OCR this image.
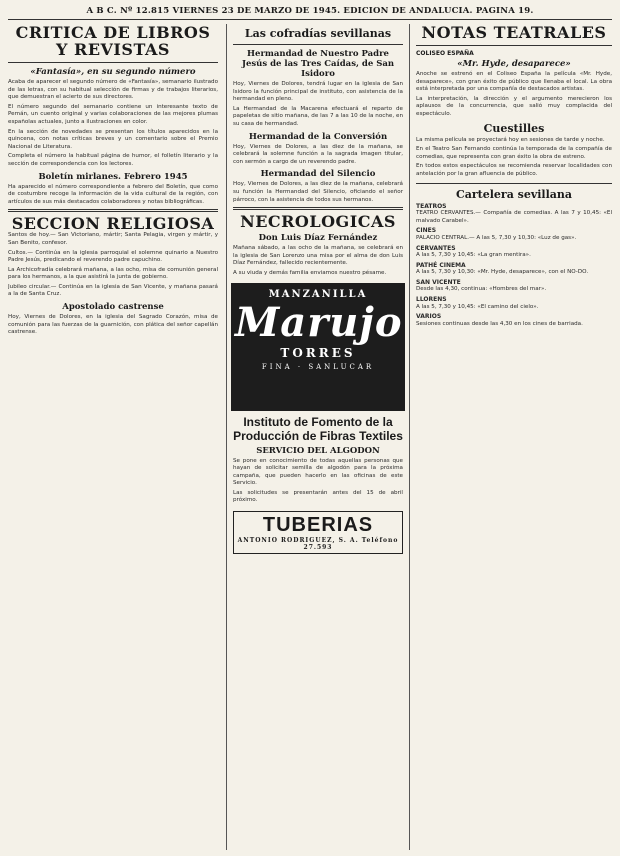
A B C. Nº 12.815 VIERNES 23 DE MARZO DE 1945. EDICION DE ANDALUCIA. PAGINA 19.
CRITICA DE LIBROS Y REVISTAS
«Fantasía», en su segundo número

Acaba de aparecer el segundo número de «Fantasía», semanario ilustrado de las letras, con su habitual selección de firmas y de trabajos literarios, que demuestran el acierto de sus directores.

El número segundo del semanario contiene un interesante texto de Pemán, un cuento original y varias colaboraciones de las mejores plumas españolas actuales, junto a ilustraciones en color.

En la sección de novedades se presentan los títulos aparecidos en la quincena, con notas críticas breves y un comentario sobre el Premio Nacional de Literatura.

Completa el número la habitual página de humor, el folletín literario y la sección de correspondencia con los lectores.

Boletín mirlanes. Febrero 1945

Ha aparecido el número correspondiente a febrero del Boletín, que como de costumbre recoge la información de la vida cultural de la región, con artículos de sus más destacados colaboradores y notas bibliográficas.

SECCION RELIGIOSA

Santos de hoy.— San Victoriano, mártir; Santa Pelagia, virgen y mártir, y San Benito, confesor.

Cultos.— Continúa en la iglesia parroquial el solemne quinario a Nuestro Padre Jesús, predicando el reverendo padre capuchino.

La Archicofradía celebrará mañana, a las ocho, misa de comunión general para los hermanos, a la que asistirá la junta de gobierno.

Jubileo circular.— Continúa en la iglesia de San Vicente, y mañana pasará a la de Santa Cruz.

Apostolado castrense

Hoy, Viernes de Dolores, en la iglesia del Sagrado Corazón, misa de comunión para las fuerzas de la guarnición, con plática del señor capellán castrense.

Las cofradías sevillanas
Hermandad de Nuestro Padre Jesús de las Tres Caídas, de San Isidoro

Hoy, Viernes de Dolores, tendrá lugar en la iglesia de San Isidoro la función principal de instituto, con asistencia de la hermandad en pleno.

La Hermandad de la Macarena efectuará el reparto de papeletas de sitio mañana, de las 7 a las 10 de la noche, en su casa de hermandad.

Hermandad de la Conversión

Hoy, Viernes de Dolores, a las diez de la mañana, se celebrará la solemne función a la sagrada imagen titular, con sermón a cargo de un reverendo padre.

Hermandad del Silencio

Hoy, Viernes de Dolores, a las diez de la mañana, celebrará su función la Hermandad del Silencio, oficiando el señor párroco, con la asistencia de todos sus hermanos.

NECROLOGICAS
Don Luis Díaz Fernández

Mañana sábado, a las ocho de la mañana, se celebrará en la iglesia de San Lorenzo una misa por el alma de don Luis Díaz Fernández, fallecido recientemente.

A su viuda y demás familia enviamos nuestro pésame.

MANZANILLA
Marujo
TORRES
FINA · SANLUCAR
Instituto de Fomento de la Producción de Fibras Textiles
SERVICIO DEL ALGODON

Se pone en conocimiento de todas aquellas personas que hayan de solicitar semilla de algodón para la próxima campaña, que pueden hacerlo en las oficinas de este Servicio.

Las solicitudes se presentarán antes del 15 de abril próximo.

TUBERIAS
ANTONIO RODRIGUEZ, S. A. Teléfono 27.593
NOTAS TEATRALES
COLISEO ESPAÑA
«Mr. Hyde, desaparece»

Anoche se estrenó en el Coliseo España la película «Mr. Hyde, desaparece», con gran éxito de público que llenaba el local. La obra está interpretada por una compañía de destacados artistas.

La interpretación, la dirección y el argumento merecieron los aplausos de la concurrencia, que salió muy complacida del espectáculo.

Cuestilles

La misma película se proyectará hoy en sesiones de tarde y noche.

En el Teatro San Fernando continúa la temporada de la compañía de comedias, que representa con gran éxito la obra de estreno.

En todos estos espectáculos se recomienda reservar localidades con antelación por la gran afluencia de público.

Cartelera sevillana
TEATROS

TEATRO CERVANTES.— Compañía de comedias. A las 7 y 10,45: «El malvado Carabel».

CINES

PALACIO CENTRAL.— A las 5, 7,30 y 10,30: «Luz de gas».

CERVANTES

A las 5, 7,30 y 10,45: «La gran mentira».

PATHÉ CINEMA

A las 5, 7,30 y 10,30: «Mr. Hyde, desaparece», con el NO-DO.

SAN VICENTE

Desde las 4,30, continua: «Hombres del mar».

LLORENS

A las 5, 7,30 y 10,45: «El camino del cielo».

VARIOS

Sesiones continuas desde las 4,30 en los cines de barriada.
